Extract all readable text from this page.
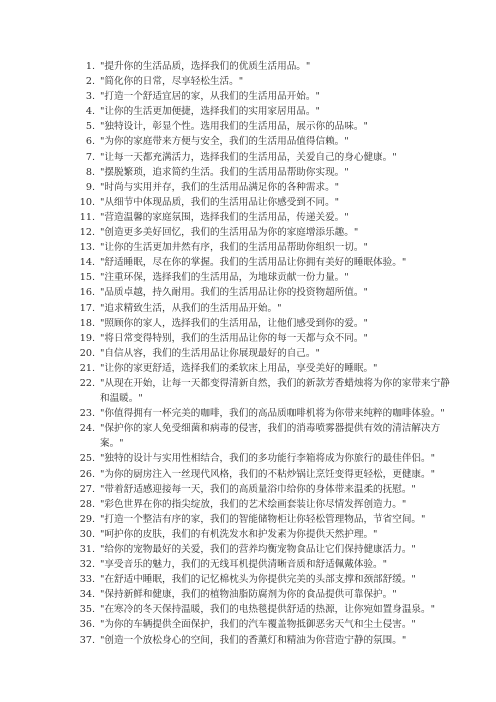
1. "提升你的生活品质，选择我们的优质生活用品。"
2. "简化你的日常，尽享轻松生活。"
3. "打造一个舒适宜居的家，从我们的生活用品开始。"
4. "让你的生活更加便捷，选择我们的实用家居用品。"
5. "独特设计，彰显个性。选用我们的生活用品，展示你的品味。"
6. "为你的家庭带来方便与安全，我们的生活用品值得信赖。"
7. "让每一天都充满活力，选择我们的生活用品，关爱自己的身心健康。"
8. "摆脱繁琐，追求简约生活。我们的生活用品帮助你实现。"
9. "时尚与实用并存，我们的生活用品满足你的各种需求。"
10. "从细节中体现品质，我们的生活用品让你感受到不同。"
11. "营造温馨的家庭氛围，选择我们的生活用品，传递关爱。"
12. "创造更多美好回忆，我们的生活用品为你的家庭增添乐趣。"
13. "让你的生活更加井然有序，我们的生活用品帮助你组织一切。"
14. "舒适睡眠，尽在你的掌握。我们的生活用品让你拥有美好的睡眠体验。"
15. "注重环保，选择我们的生活用品，为地球贡献一份力量。"
16. "品质卓越，持久耐用。我们的生活用品让你的投资物超所值。"
17. "追求精致生活，从我们的生活用品开始。"
18. "照顾你的家人，选择我们的生活用品，让他们感受到你的爱。"
19. "将日常变得特别，我们的生活用品让你的每一天都与众不同。"
20. "自信从容，我们的生活用品让你展现最好的自己。"
21. "让你的家更舒适，选择我们的柔软床上用品，享受美好的睡眠。"
22. "从现在开始，让每一天都变得清新自然，我们的新款芳香蜡烛将为你的家带来宁静和温暖。"
23. "你值得拥有一杯完美的咖啡，我们的高品质咖啡机将为你带来纯粹的咖啡体验。"
24. "保护你的家人免受细菌和病毒的侵害，我们的消毒喷雾器提供有效的清洁解决方案。"
25. "独特的设计与实用性相结合，我们的多功能行李箱将成为你旅行的最佳伴侣。"
26. "为你的厨房注入一丝现代风格，我们的不粘炒锅让烹饪变得更轻松，更健康。"
27. "带着舒适感迎接每一天，我们的高质量浴巾给你的身体带来温柔的抚慰。"
28. "彩色世界在你的指尖绽放，我们的艺术绘画套装让你尽情发挥创造力。"
29. "打造一个整洁有序的家，我们的智能储物柜让你轻松管理物品，节省空间。"
30. "呵护你的皮肤，我们的有机洗发水和护发素为你提供天然护理。"
31. "给你的宠物最好的关爱，我们的营养均衡宠物食品让它们保持健康活力。"
32. "享受音乐的魅力，我们的无线耳机提供清晰音质和舒适佩戴体验。"
33. "在舒适中睡眠，我们的记忆棉枕头为你提供完美的头部支撑和颈部舒缓。"
34. "保持新鲜和健康，我们的植物油脂防腐剂为你的食品提供可靠保护。"
35. "在寒冷的冬天保持温暖，我们的电热毯提供舒适的热源，让你宛如置身温泉。"
36. "为你的车辆提供全面保护，我们的汽车覆盖物抵御恶劣天气和尘土侵害。"
37. "创造一个放松身心的空间，我们的香薰灯和精油为你营造宁静的氛围。"
